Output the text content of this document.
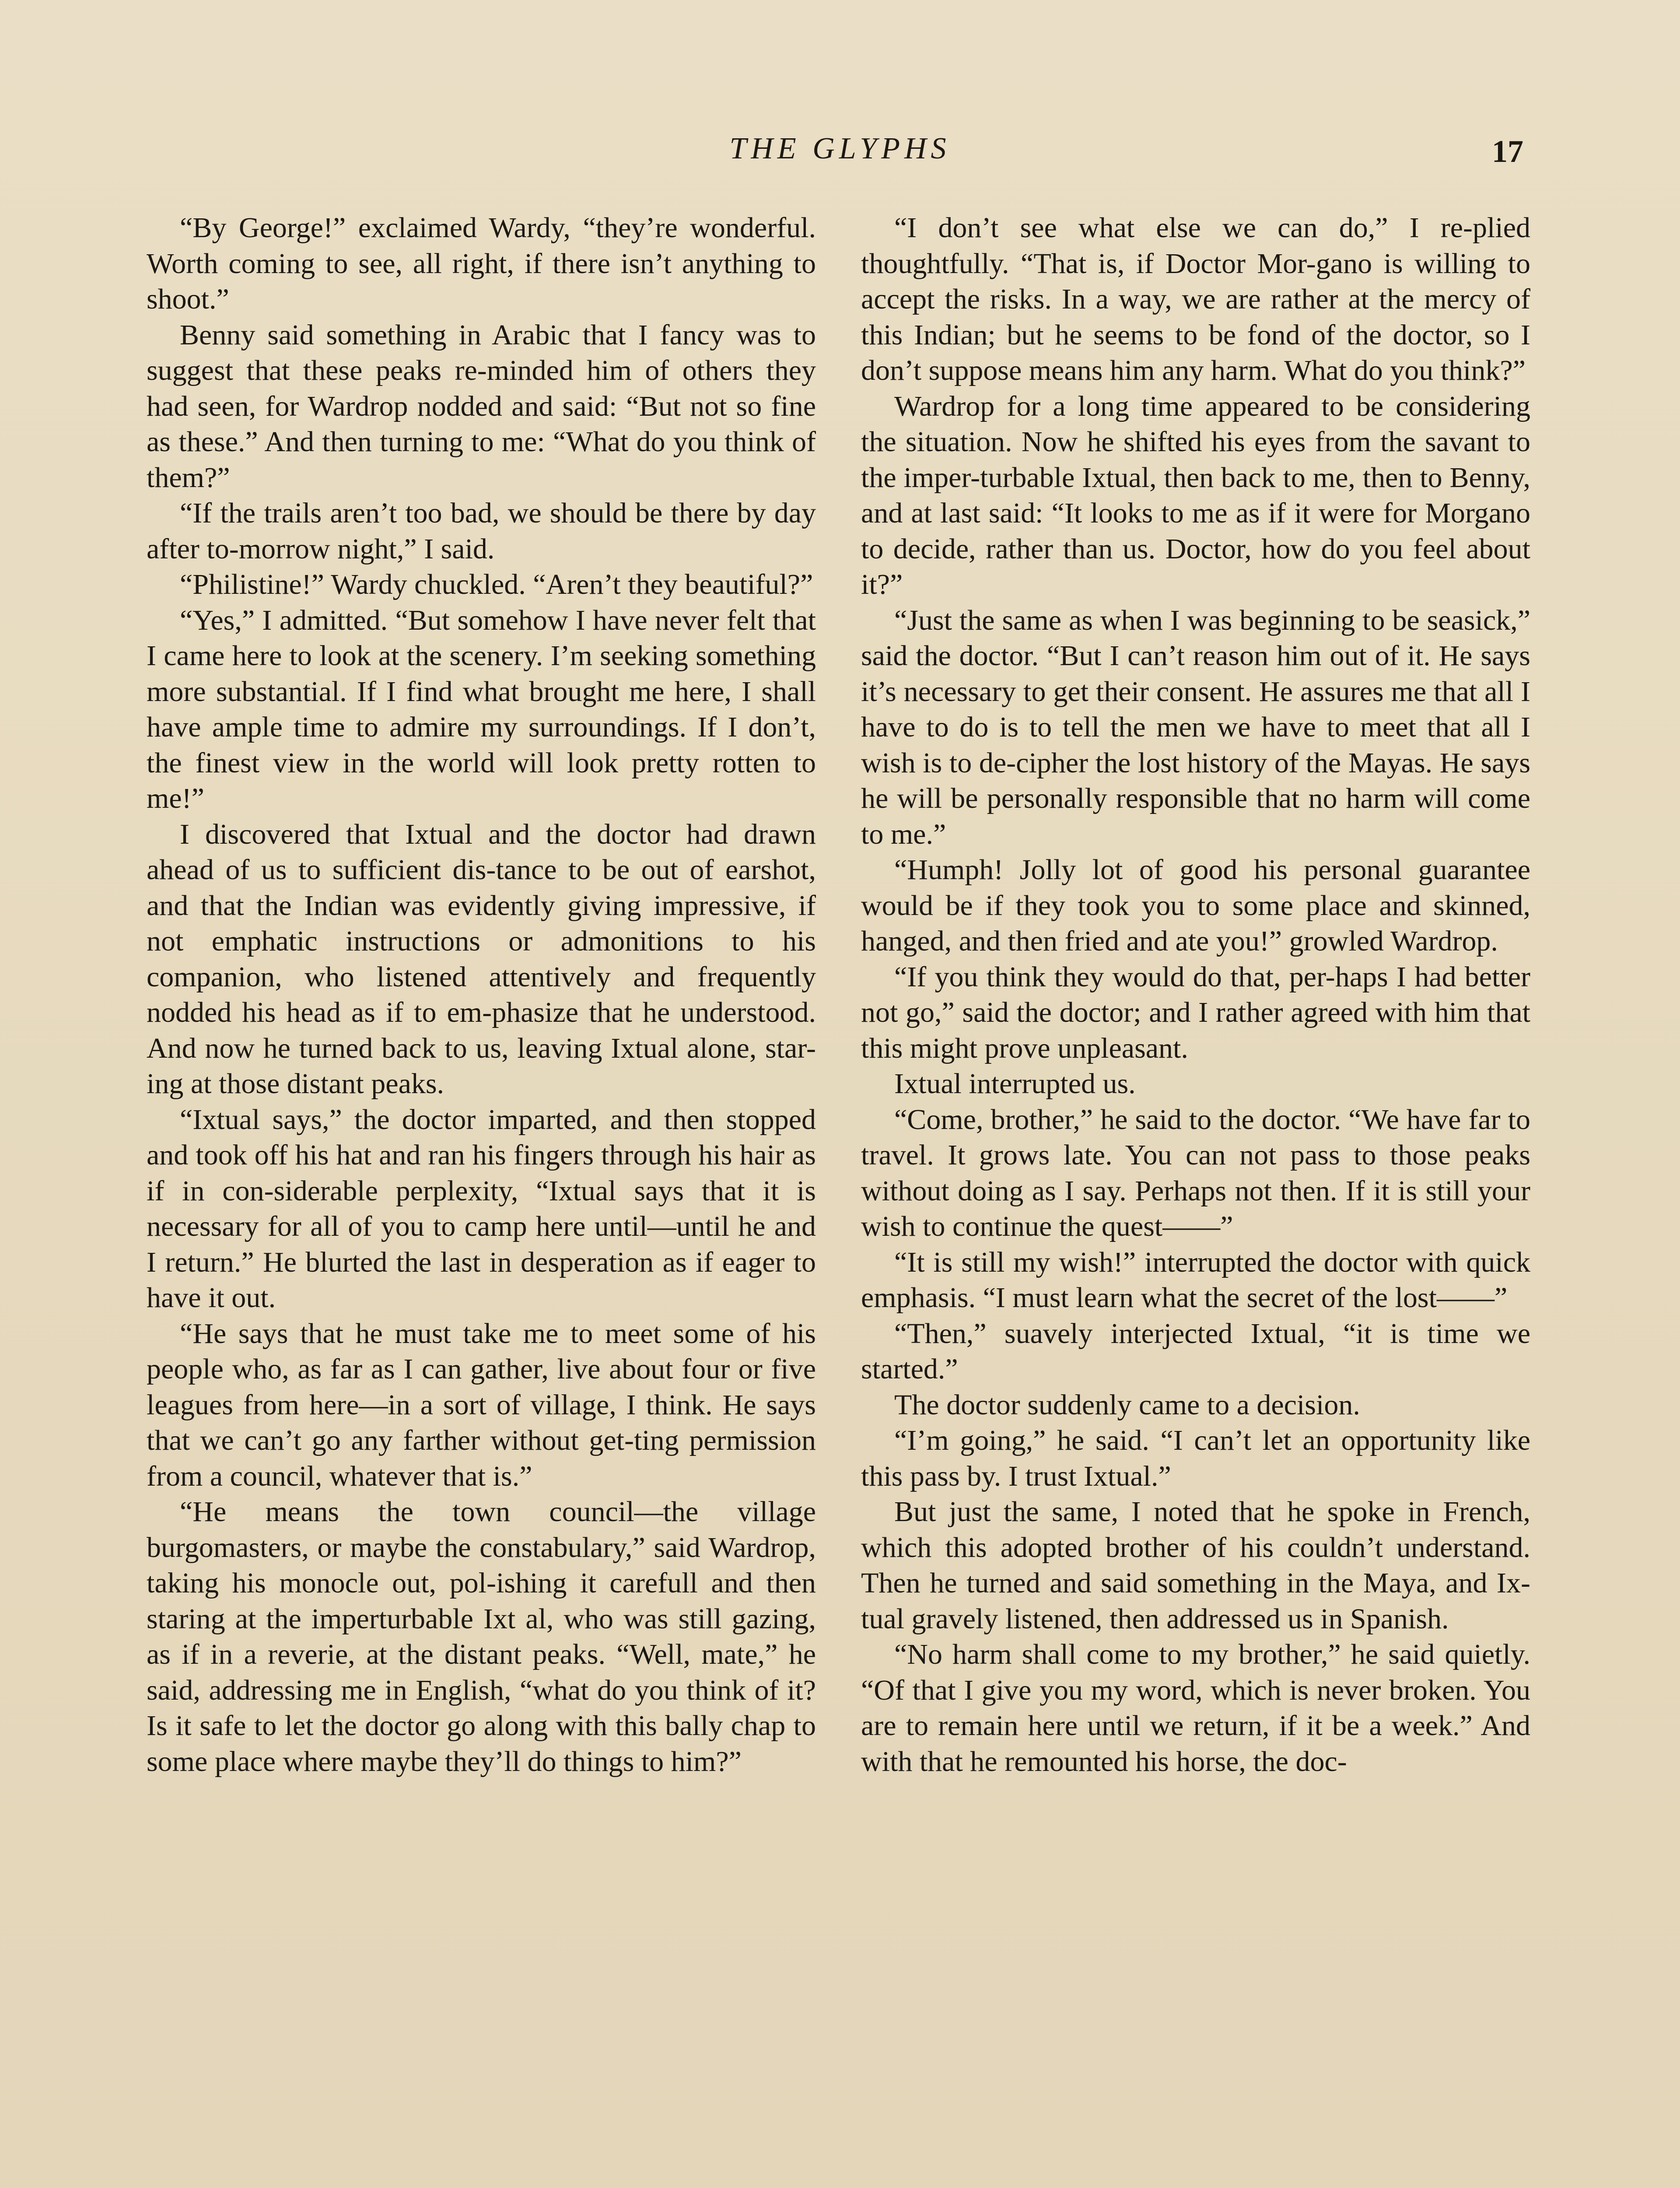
THE GLYPHS	17

“By George!” exclaimed Wardy, “they’re wonderful. Worth coming to see, all right, if there isn’t anything to shoot.”

Benny said something in Arabic that I fancy was to suggest that these peaks re-minded him of others they had seen, for Wardrop nodded and said: “But not so fine as these.” And then turning to me: “What do you think of them?”

“If the trails aren’t too bad, we should be there by day after to-morrow night,” I said.

“Philistine!” Wardy chuckled. “Aren’t they beautiful?”

“Yes,” I admitted. “But somehow I have never felt that I came here to look at the scenery. I’m seeking something more substantial. If I find what brought me here, I shall have ample time to admire my surroundings. If I don’t, the finest view in the world will look pretty rotten to me!”

I discovered that Ixtual and the doctor had drawn ahead of us to sufficient dis-tance to be out of earshot, and that the Indian was evidently giving impressive, if not emphatic instructions or admonitions to his companion, who listened attentively and frequently nodded his head as if to em-phasize that he understood. And now he turned back to us, leaving Ixtual alone, star-ing at those distant peaks.

“Ixtual says,” the doctor imparted, and then stopped and took off his hat and ran his fingers through his hair as if in con-siderable perplexity, “Ixtual says that it is necessary for all of you to camp here until—until he and I return.” He blurted the last in desperation as if eager to have it out.

“He says that he must take me to meet some of his people who, as far as I can gather, live about four or five leagues from here—in a sort of village, I think. He says that we can’t go any farther without get-ting permission from a council, whatever that is.”

“He means the town council—the village burgomasters, or maybe the constabulary,” said Wardrop, taking his monocle out, pol-ishing it carefull and then staring at the imperturbable Ixt al, who was still gazing, as if in a reverie, at the distant peaks. “Well, mate,” he said, addressing me in English, “what do you think of it? Is it safe to let the doctor go along with this bally chap to some place where maybe they’ll do things to him?”

“I don’t see what else we can do,” I re-plied thoughtfully. “That is, if Doctor Mor-gano is willing to accept the risks. In a way, we are rather at the mercy of this Indian; but he seems to be fond of the doctor, so I don’t suppose means him any harm. What do you think?”

Wardrop for a long time appeared to be considering the situation. Now he shifted his eyes from the savant to the imper-turbable Ixtual, then back to me, then to Benny, and at last said: “It looks to me as if it were for Morgano to decide, rather than us. Doctor, how do you feel about it?”

“Just the same as when I was beginning to be seasick,” said the doctor. “But I can’t reason him out of it. He says it’s necessary to get their consent. He assures me that all I have to do is to tell the men we have to meet that all I wish is to de-cipher the lost history of the Mayas. He says he will be personally responsible that no harm will come to me.”

“Humph! Jolly lot of good his personal guarantee would be if they took you to some place and skinned, hanged, and then fried and ate you!” growled Wardrop.

“If you think they would do that, per-haps I had better not go,” said the doctor; and I rather agreed with him that this might prove unpleasant.

Ixtual interrupted us.

“Come, brother,” he said to the doctor. “We have far to travel. It grows late. You can not pass to those peaks without doing as I say. Perhaps not then. If it is still your wish to continue the quest——”

“It is still my wish!” interrupted the doctor with quick emphasis. “I must learn what the secret of the lost——”

“Then,” suavely interjected Ixtual, “it is time we started.”

The doctor suddenly came to a decision.

“I’m going,” he said. “I can’t let an opportunity like this pass by. I trust Ixtual.”

But just the same, I noted that he spoke in French, which this adopted brother of his couldn’t understand. Then he turned and said something in the Maya, and Ix-tual gravely listened, then addressed us in Spanish.

“No harm shall come to my brother,” he said quietly. “Of that I give you my word, which is never broken. You are to remain here until we return, if it be a week.” And with that he remounted his horse, the doc-
